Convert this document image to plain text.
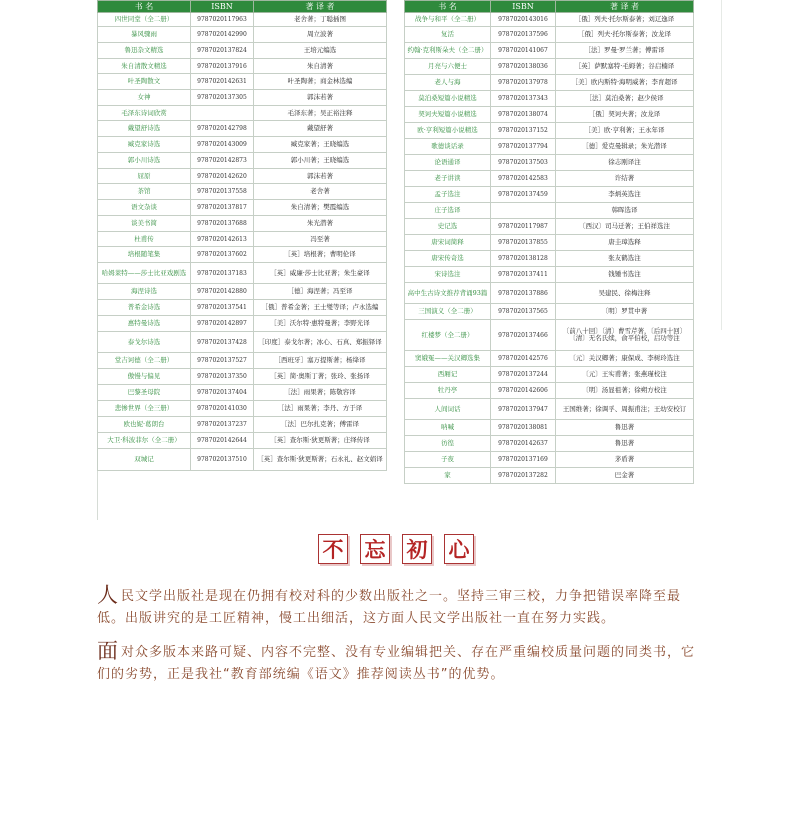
书 名	ISBN	著 译 者
四世同堂（全二册）	9787020117963	老舍著；丁聪插图
暴风骤雨	9787020142990	周立波著
鲁迅杂文精选	9787020137824	王培元编选
朱自清散文精选	9787020137916	朱自清著
叶圣陶散文	9787020142631	叶圣陶著；商金林选编
女神	9787020137305	郭沫若著
毛泽东诗词欣赏		毛泽东著；吴正裕注释
戴望舒诗选	9787020142798	戴望舒著
臧克家诗选	9787020143009	臧克家著；王晓编选
郭小川诗选	9787020142873	郭小川著；王晓编选
屈原	9787020142620	郭沫若著
茶馆	9787020137558	老舍著
语文杂谈	9787020137817	朱自清著；樊霞编选
谈美书简	9787020137688	朱光潜著
杜甫传	9787020142613	冯至著
培根随笔集	9787020137602	［英］培根著；曹明伦译
哈姆莱特——莎士比亚戏剧选	9787020137183	［英］威廉·莎士比亚著；朱生豪译
海涅诗选	9787020142880	［德］海涅著；冯至译
普希金诗选	9787020137541	［俄］普希金著；王士燮等译；卢永选编
惠特曼诗选	9787020142897	［美］沃尔特·惠特曼著；李野光译
泰戈尔诗选	9787020137428	［印度］泰戈尔著；冰心、石真、郑振铎译
堂吉诃德（全二册）	9787020137527	［西班牙］塞万提斯著；杨绛译
傲慢与偏见	9787020137350	［英］简·奥斯丁著；张玲、张扬译
巴黎圣母院	9787020137404	［法］雨果著；陈敬容译
悲惨世界（全三册）	9787020141030	［法］雨果著；李丹、方于译
欧也妮·葛朗台	9787020137237	［法］巴尔扎克著；傅雷译
大卫·科波菲尔（全二册）	9787020142644	［英］查尔斯·狄更斯著；庄绎传译
双城记	9787020137510	［英］查尔斯·狄更斯著；石永礼、赵文娟译
书 名	ISBN	著 译 者
战争与和平（全二册）	9787020143016	［俄］列夫·托尔斯泰著；刘辽逸译
复活	9787020137596	［俄］列夫·托尔斯泰著；汝龙译
约翰·克利斯朵夫（全二册）	9787020141067	［法］罗曼·罗兰著；傅雷译
月亮与六便士	9787020138036	［英］萨默塞特·毛姆著；谷启楠译
老人与海	9787020137978	［美］欧内斯特·海明威著；李育超译
莫泊桑短篇小说精选	9787020137343	［法］莫泊桑著；赵少侯译
契诃夫短篇小说精选	9787020138074	［俄］契诃夫著；汝龙译
欧·亨利短篇小说精选	9787020137152	［美］欧·亨利著；王永年译
歌德谈话录	9787020137794	［德］爱克曼辑录；朱光潜译
论语通译	9787020137503	徐志刚译注
老子讲读	9787020142583	许结著
孟子选注	9787020137459	李炳英选注
庄子选译		韩晖选译
史记选	9787020117987	〔西汉〕司马迁著；王伯祥选注
唐宋词简释	9787020137855	唐圭璋选释
唐宋传奇选	9787020138128	张友鹤选注
宋诗选注	9787020137411	钱锺书选注
高中生古诗文推荐背诵93篇	9787020137886	吴建民、徐梅注释
三国演义（全二册）	9787020137565	〔明〕罗贯中著
红楼梦（全二册）	9787020137466	〔前八十回〕〔清〕曹雪芹著，〔后四十回〕〔清〕无名氏续，俞平伯校，启功等注
窦娥冤——关汉卿选集	9787020142576	〔元〕关汉卿著；康保成、李树玲选注
西厢记	9787020137244	〔元〕王实甫著；张燕瑾校注
牡丹亭	9787020142606	〔明〕汤显祖著；徐朔方校注
人间词话	9787020137947	王国维著；徐调孚、周振甫注；王幼安校订
呐喊	9787020138081	鲁迅著
彷徨	9787020142637	鲁迅著
子夜	9787020137169	茅盾著
家	9787020137282	巴金著
不 忘 初 心
人民文学出版社是现在仍拥有校对科的少数出版社之一。坚持三审三校，力争把错误率降至最低。出版讲究的是工匠精神，慢工出细活，这方面人民文学出版社一直在努力实践。
面对众多版本来路可疑、内容不完整、没有专业编辑把关、存在严重编校质量问题的同类书，它们的劣势，正是我社“教育部统编《语文》推荐阅读丛书”的优势。
